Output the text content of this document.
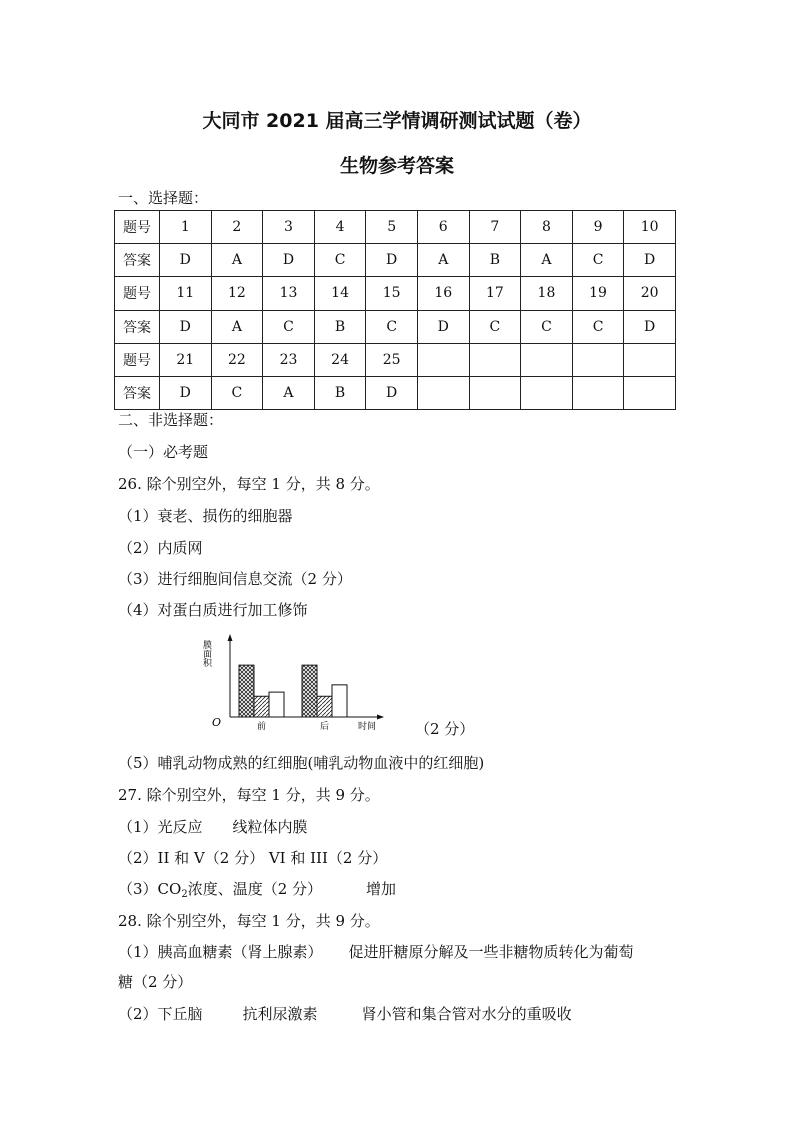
大同市 2021 届高三学情调研测试试题（卷）
生物参考答案
一、选择题：
题号	1	2	3	4	5	6	7	8	9	10
答案	D	A	D	C	D	A	B	A	C	D
题号	11	12	13	14	15	16	17	18	19	20
答案	D	A	C	B	C	D	C	C	C	D
题号	21	22	23	24	25					
答案	D	C	A	B	D					
二、非选择题：
（一）必考题
26. 除个别空外，每空 1 分，共 8 分。
（1）衰老、损伤的细胞器
（2）内质网
（3）进行细胞间信息交流（2 分）
（4）对蛋白质进行加工修饰
O
膜面积
时间
前	后	（2 分）
（5）哺乳动物成熟的红细胞(哺乳动物血液中的红细胞)
27. 除个别空外，每空 1 分，共 9 分。
（1）光反应 线粒体内膜
（2）II 和 V（2 分） VI 和 III（2 分）
$(3)CO_2$浓度、温度（2 分）	增加
28. 除个别空外，每空 1 分，共 9 分。
（1）胰高血糖素（肾上腺素） 促进肝糖原分解及一些非糖物质转化为葡萄
糖（2 分）
（2）下丘脑	抗利尿激素	肾小管和集合管对水分的重吸收
